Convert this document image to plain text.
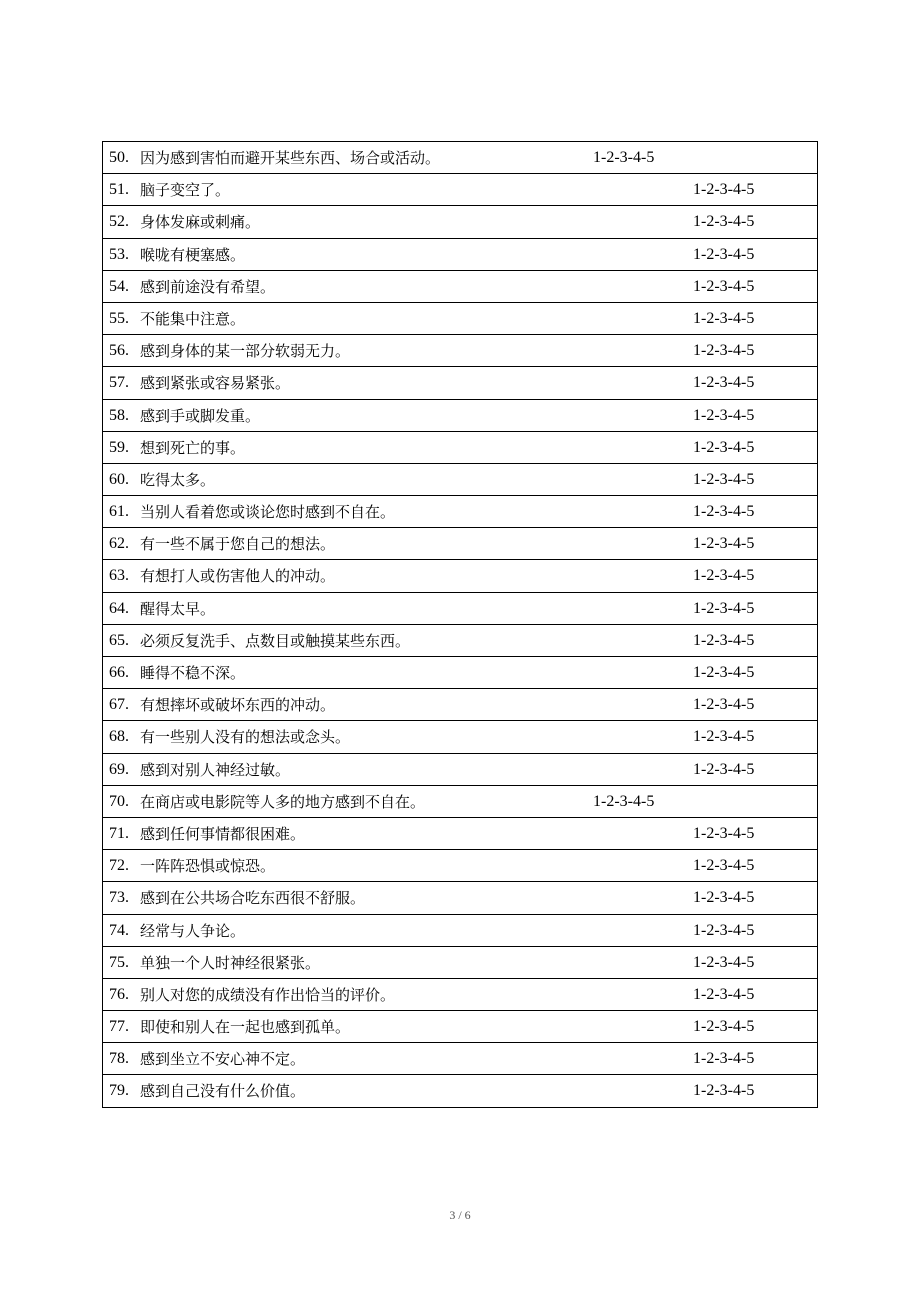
50. 因为感到害怕而避开某些东西、场合或活动。	1-2-3-4-5
51. 脑子变空了。	1-2-3-4-5
52. 身体发麻或刺痛。	1-2-3-4-5
53. 喉咙有梗塞感。	1-2-3-4-5
54. 感到前途没有希望。	1-2-3-4-5
55. 不能集中注意。	1-2-3-4-5
56. 感到身体的某一部分软弱无力。	1-2-3-4-5
57. 感到紧张或容易紧张。	1-2-3-4-5
58. 感到手或脚发重。	1-2-3-4-5
59. 想到死亡的事。	1-2-3-4-5
60. 吃得太多。	1-2-3-4-5
61. 当别人看着您或谈论您时感到不自在。	1-2-3-4-5
62. 有一些不属于您自己的想法。	1-2-3-4-5
63. 有想打人或伤害他人的冲动。	1-2-3-4-5
64. 醒得太早。	1-2-3-4-5
65. 必须反复洗手、点数目或触摸某些东西。	1-2-3-4-5
66. 睡得不稳不深。	1-2-3-4-5
67. 有想摔坏或破坏东西的冲动。	1-2-3-4-5
68. 有一些别人没有的想法或念头。	1-2-3-4-5
69. 感到对别人神经过敏。	1-2-3-4-5
70. 在商店或电影院等人多的地方感到不自在。	1-2-3-4-5
71. 感到任何事情都很困难。	1-2-3-4-5
72. 一阵阵恐惧或惊恐。	1-2-3-4-5
73. 感到在公共场合吃东西很不舒服。	1-2-3-4-5
74. 经常与人争论。	1-2-3-4-5
75. 单独一个人时神经很紧张。	1-2-3-4-5
76. 别人对您的成绩没有作出恰当的评价。	1-2-3-4-5
77. 即使和别人在一起也感到孤单。	1-2-3-4-5
78. 感到坐立不安心神不定。	1-2-3-4-5
79. 感到自己没有什么价值。	1-2-3-4-5
3 / 6
